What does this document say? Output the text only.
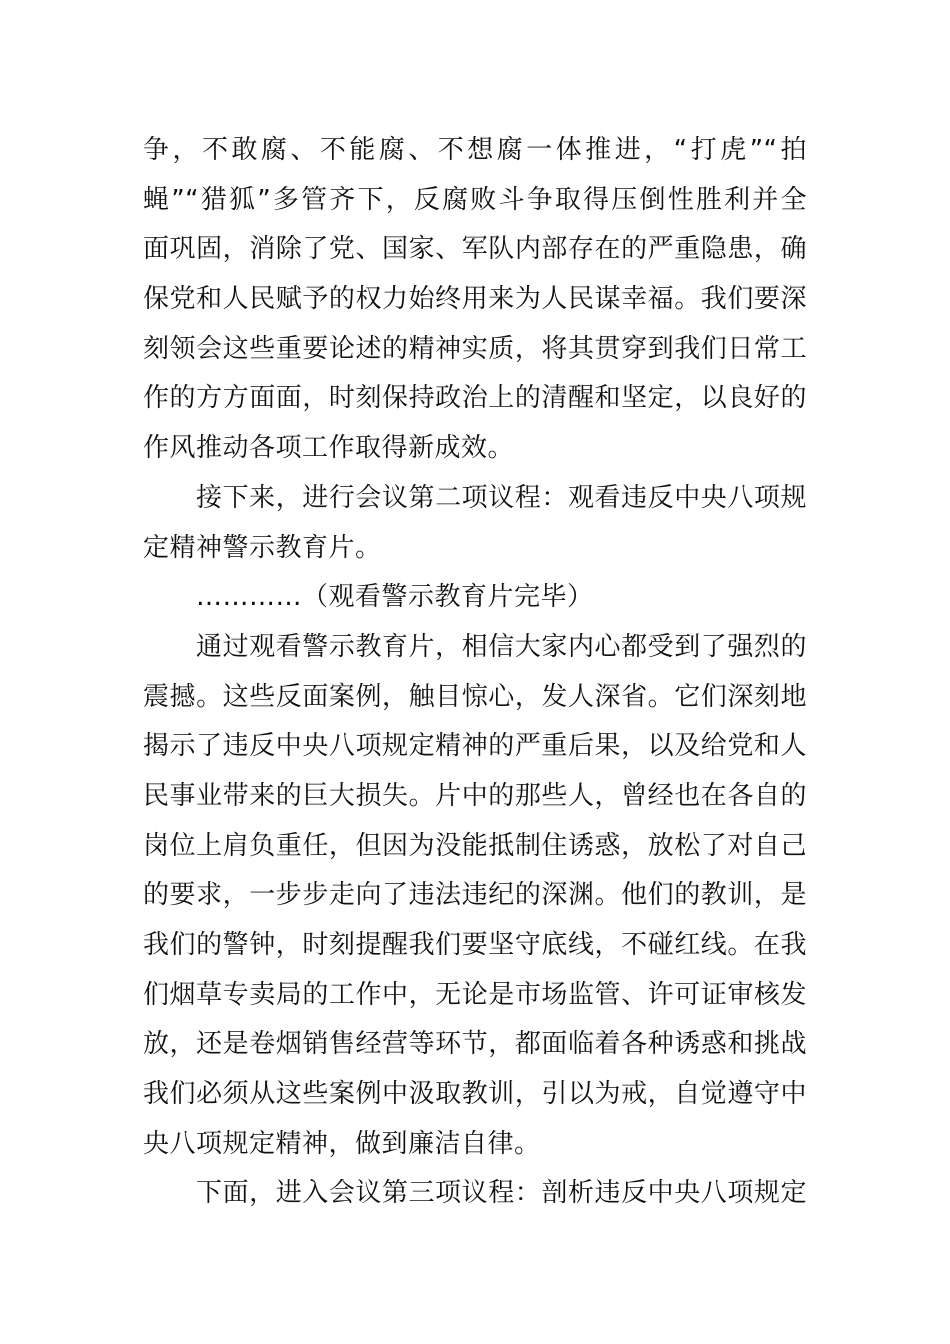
争，不敢腐、不能腐、不想腐一体推进，“打虎”“拍
蝇”“猎狐”多管齐下，反腐败斗争取得压倒性胜利并全
面巩固，消除了党、国家、军队内部存在的严重隐患，确
保党和人民赋予的权力始终用来为人民谋幸福。我们要深
刻领会这些重要论述的精神实质，将其贯穿到我们日常工
作的方方面面，时刻保持政治上的清醒和坚定，以良好的
作风推动各项工作取得新成效。
接下来，进行会议第二项议程：观看违反中央八项规
定精神警示教育片。
…………（观看警示教育片完毕）
通过观看警示教育片，相信大家内心都受到了强烈的
震撼。这些反面案例，触目惊心，发人深省。它们深刻地
揭示了违反中央八项规定精神的严重后果，以及给党和人
民事业带来的巨大损失。片中的那些人，曾经也在各自的
岗位上肩负重任，但因为没能抵制住诱惑，放松了对自己
的要求，一步步走向了违法违纪的深渊。他们的教训，是
我们的警钟，时刻提醒我们要坚守底线，不碰红线。在我
们烟草专卖局的工作中，无论是市场监管、许可证审核发
放，还是卷烟销售经营等环节，都面临着各种诱惑和挑战
我们必须从这些案例中汲取教训，引以为戒，自觉遵守中
央八项规定精神，做到廉洁自律。
下面，进入会议第三项议程：剖析违反中央八项规定
